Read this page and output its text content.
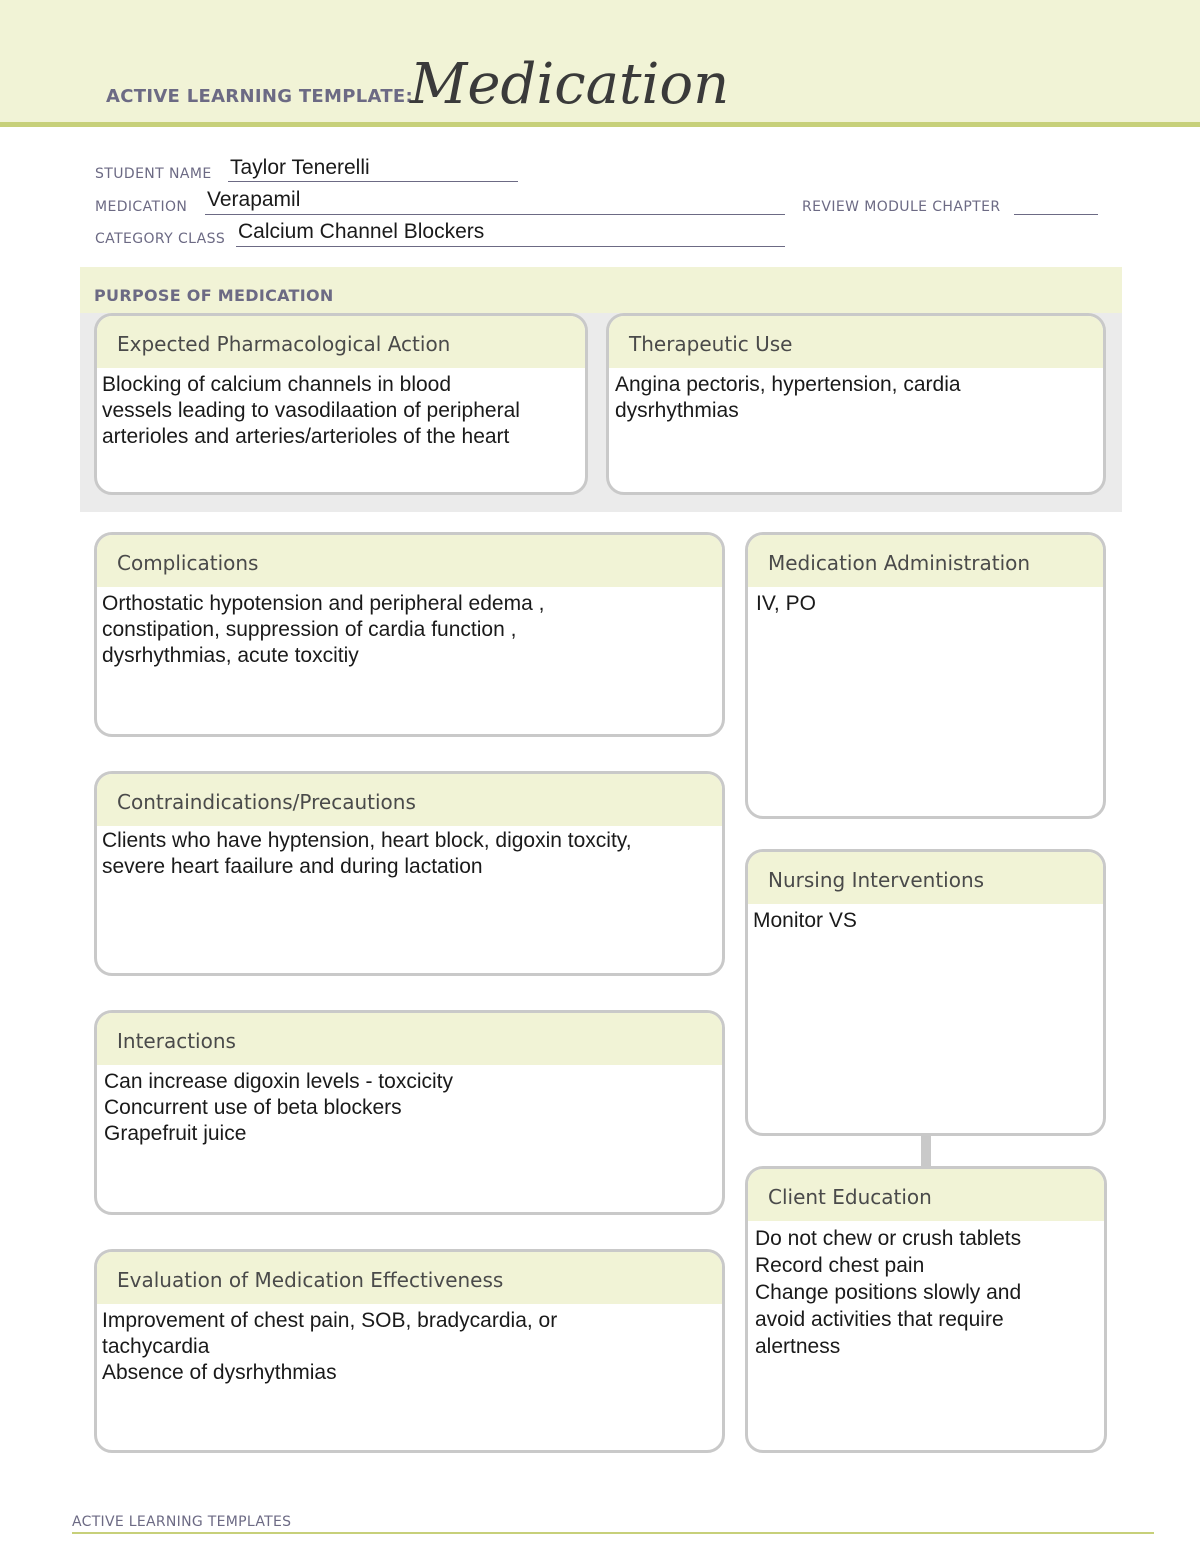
ACTIVE LEARNING TEMPLATE:
Medication
STUDENT NAME Taylor Tenerelli
MEDICATION Verapamil	REVIEW MODULE CHAPTER
CATEGORY CLASS Calcium Channel Blockers
PURPOSE OF MEDICATION
Expected Pharmacological Action
Blocking of calcium channels in blood
vessels leading to vasodilaation of peripheral
arterioles and arteries/arterioles of the heart
Therapeutic Use
Angina pectoris, hypertension, cardia
dysrhythmias
Complications
Orthostatic hypotension and peripheral edema ,
constipation, suppression of cardia function ,
dysrhythmias, acute toxcitiy
Contraindications/Precautions
Clients who have hyptension, heart block, digoxin toxcity,
severe heart faailure and during lactation
Interactions
Can increase digoxin levels - toxcicity
Concurrent use of beta blockers
Grapefruit juice
Evaluation of Medication Effectiveness
Improvement of chest pain, SOB, bradycardia, or
tachycardia
Absence of dysrhythmias
Medication Administration
IV, PO
Nursing Interventions
Monitor VS
Client Education
Do not chew or crush tablets
Record chest pain
Change positions slowly and
avoid activities that require
alertness
ACTIVE LEARNING TEMPLATES
